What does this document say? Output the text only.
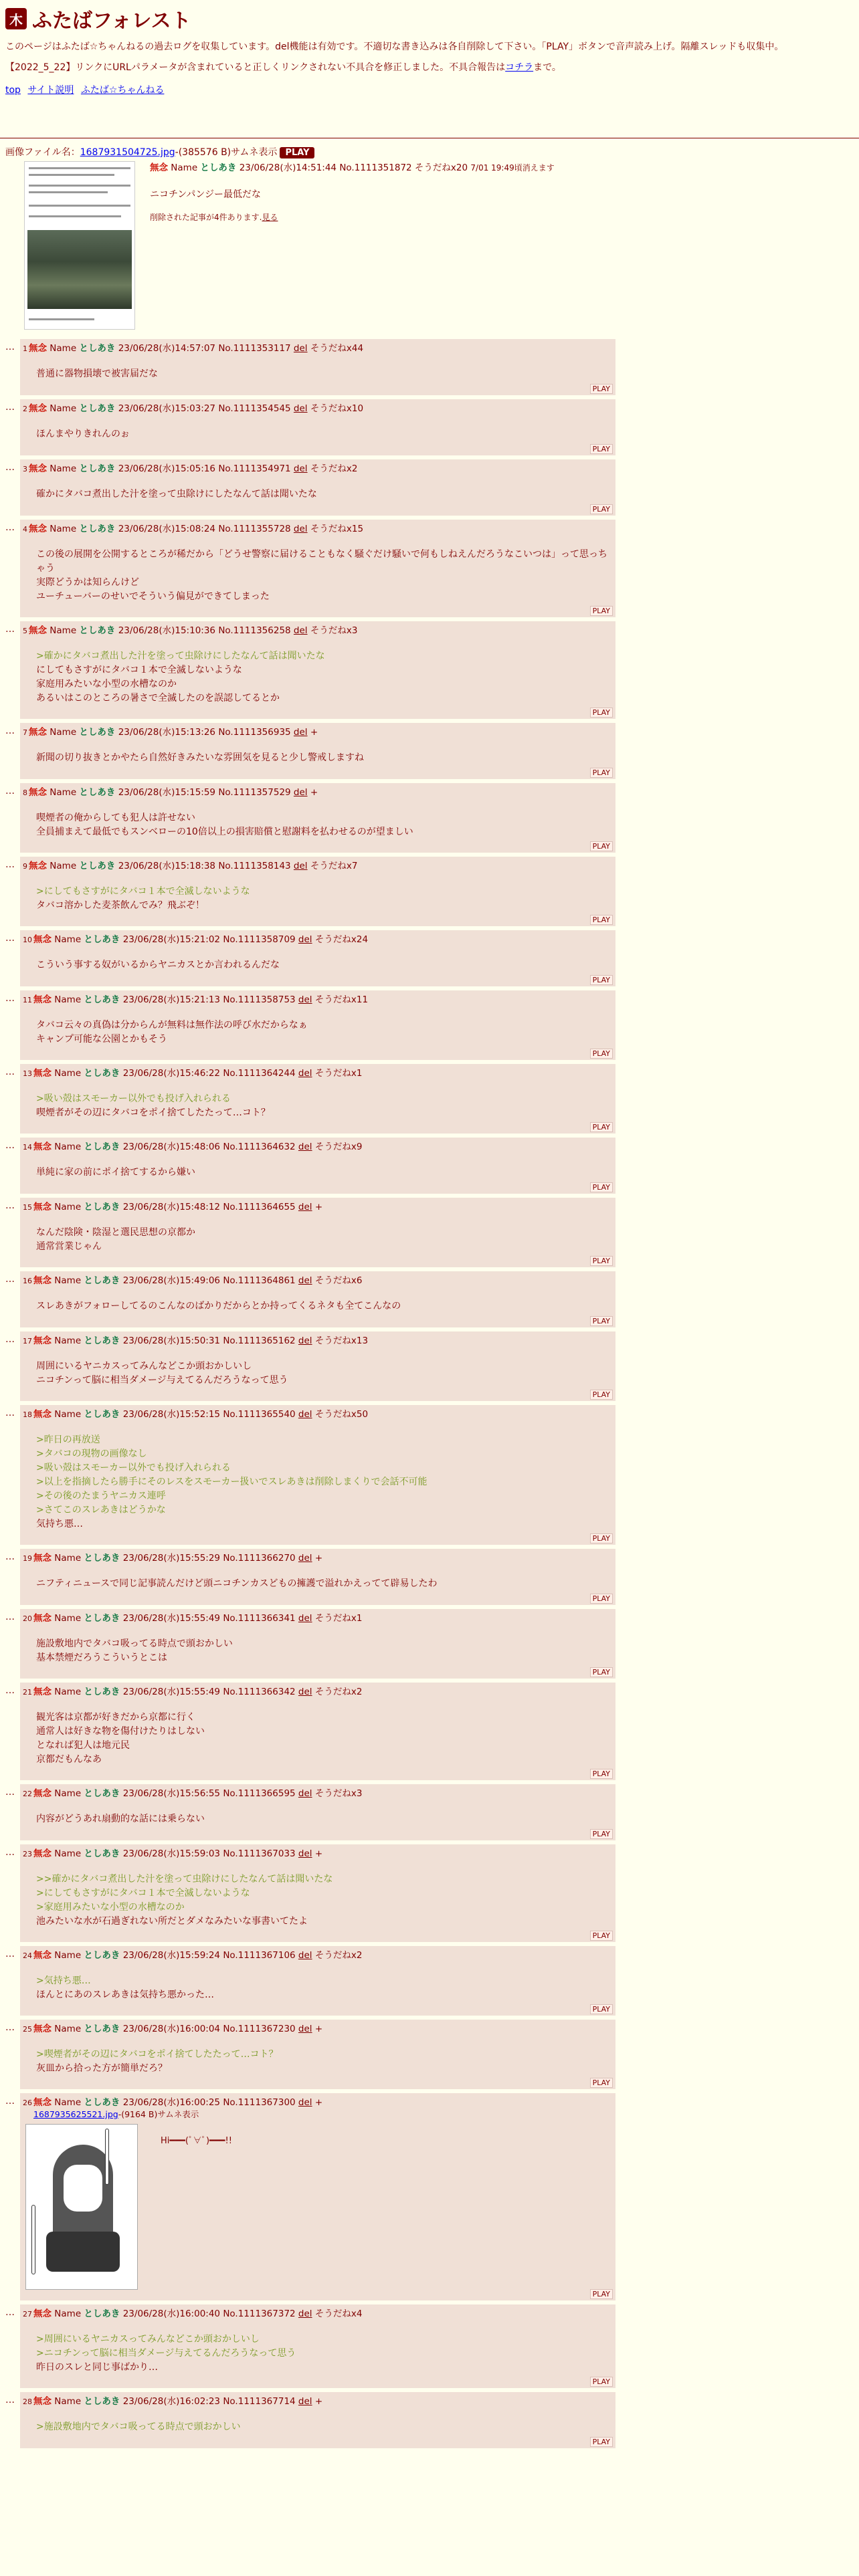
木 ふたばフォレスト

このページはふたば☆ちゃんねるの過去ログを収集しています。del機能は有効です。不適切な書き込みは各自削除して下さい。「PLAY」ボタンで音声読み上げ。隔離スレッドも収集中。

【2022_5_22】リンクにURLパラメータが含まれていると正しくリンクされない不具合を修正しました。不具合報告はコチラまで。

top サイト説明 ふたば☆ちゃんねる
画像ファイル名：1687931504725.jpg-(385576 B)サムネ表示 PLAY
無念 Name としあき 23/06/28(水)14:51:44 No.1111351872 そうだねx20 7/01 19:49頃消えます
ニコチンパンジー最低だな
削除された記事が4件あります.見る
… 1 無念 Name としあき 23/06/28(水)14:57:07 No.1111353117 del そうだねx44
普通に器物損壊で被害届だな
PLAY
… 2 無念 Name としあき 23/06/28(水)15:03:27 No.1111354545 del そうだねx10
ほんまやりきれんのぉ
PLAY
… 3 無念 Name としあき 23/06/28(水)15:05:16 No.1111354971 del そうだねx2
確かにタバコ煮出した汁を塗って虫除けにしたなんて話は聞いたな
PLAY
… 4 無念 Name としあき 23/06/28(水)15:08:24 No.1111355728 del そうだねx15
この後の展開を公開するところが稀だから「どうせ警察に届けることもなく騒ぐだけ騒いで何もしねえんだろうなこいつは」って思っちゃう
実際どうかは知らんけど
ユーチューバーのせいでそういう偏見ができてしまった
PLAY
… 5 無念 Name としあき 23/06/28(水)15:10:36 No.1111356258 del そうだねx3
>確かにタバコ煮出した汁を塗って虫除けにしたなんて話は聞いたな
にしてもさすがにタバコ１本で全滅しないような
家庭用みたいな小型の水槽なのか
あるいはこのところの暑さで全滅したのを誤認してるとか
PLAY
… 7 無念 Name としあき 23/06/28(水)15:13:26 No.1111356935 del +
新聞の切り抜きとかやたら自然好きみたいな雰囲気を見ると少し警戒しますね
PLAY
… 8 無念 Name としあき 23/06/28(水)15:15:59 No.1111357529 del +
喫煙者の俺からしても犯人は許せない
全員捕まえて最低でもスンベローの10倍以上の損害賠償と慰謝料を払わせるのが望ましい
PLAY
… 9 無念 Name としあき 23/06/28(水)15:18:38 No.1111358143 del そうだねx7
>にしてもさすがにタバコ１本で全滅しないような
タバコ溶かした麦茶飲んでみ？飛ぶぞ！
PLAY
… 10 無念 Name としあき 23/06/28(水)15:21:02 No.1111358709 del そうだねx24
こういう事する奴がいるからヤニカスとか言われるんだな
PLAY
… 11 無念 Name としあき 23/06/28(水)15:21:13 No.1111358753 del そうだねx11
タバコ云々の真偽は分からんが無料は無作法の呼び水だからなぁ
キャンプ可能な公園とかもそう
PLAY
… 13 無念 Name としあき 23/06/28(水)15:46:22 No.1111364244 del そうだねx1
>吸い殻はスモーカー以外でも投げ入れられる
喫煙者がその辺にタバコをポイ捨てしたたって…コト？
PLAY
… 14 無念 Name としあき 23/06/28(水)15:48:06 No.1111364632 del そうだねx9
単純に家の前にポイ捨てするから嫌い
PLAY
… 15 無念 Name としあき 23/06/28(水)15:48:12 No.1111364655 del +
なんだ陰険・陰湿と選民思想の京都か
通常営業じゃん
PLAY
… 16 無念 Name としあき 23/06/28(水)15:49:06 No.1111364861 del そうだねx6
スレあきがフォローしてるのこんなのばかりだからとか持ってくるネタも全てこんなの
PLAY
… 17 無念 Name としあき 23/06/28(水)15:50:31 No.1111365162 del そうだねx13
周囲にいるヤニカスってみんなどこか頭おかしいし
ニコチンって脳に相当ダメージ与えてるんだろうなって思う
PLAY
… 18 無念 Name としあき 23/06/28(水)15:52:15 No.1111365540 del そうだねx50
>昨日の再放送
>タバコの現物の画像なし
>吸い殻はスモーカー以外でも投げ入れられる
>以上を指摘したら勝手にそのレスをスモーカー扱いでスレあきは削除しまくりで会話不可能
>その後のたまうヤニカス連呼
>さてこのスレあきはどうかな
気持ち悪…
PLAY
… 19 無念 Name としあき 23/06/28(水)15:55:29 No.1111366270 del +
ニフティニュースで同じ記事読んだけど頭ニコチンカスどもの擁護で溢れかえってて辟易したわ
PLAY
… 20 無念 Name としあき 23/06/28(水)15:55:49 No.1111366341 del そうだねx1
施設敷地内でタバコ吸ってる時点で頭おかしい
基本禁煙だろうこういうとこは
PLAY
… 21 無念 Name としあき 23/06/28(水)15:55:49 No.1111366342 del そうだねx2
観光客は京都が好きだから京都に行く
通常人は好きな物を傷付けたりはしない
となれば犯人は地元民
京都だもんなあ
PLAY
… 22 無念 Name としあき 23/06/28(水)15:56:55 No.1111366595 del そうだねx3
内容がどうあれ扇動的な話には乗らない
PLAY
… 23 無念 Name としあき 23/06/28(水)15:59:03 No.1111367033 del +
>>確かにタバコ煮出した汁を塗って虫除けにしたなんて話は聞いたな
>にしてもさすがにタバコ１本で全滅しないような
>家庭用みたいな小型の水槽なのか
池みたいな水が石過ぎれない所だとダメなみたいな事書いてたよ
PLAY
… 24 無念 Name としあき 23/06/28(水)15:59:24 No.1111367106 del そうだねx2
>気持ち悪…
ほんとにあのスレあきは気持ち悪かった…
PLAY
… 25 無念 Name としあき 23/06/28(水)16:00:04 No.1111367230 del +
>喫煙者がその辺にタバコをポイ捨てしたたって…コト？
灰皿から拾った方が簡単だろ？
PLAY
… 26 無念 Name としあき 23/06/28(水)16:00:25 No.1111367300 del +
1687935625521.jpg-(9164 B)サムネ表示
Hi━━━(ﾟ∀ﾟ)━━━!!
PLAY
… 27 無念 Name としあき 23/06/28(水)16:00:40 No.1111367372 del そうだねx4
>周囲にいるヤニカスってみんなどこか頭おかしいし
>ニコチンって脳に相当ダメージ与えてるんだろうなって思う
昨日のスレと同じ事ばかり…
PLAY
… 28 無念 Name としあき 23/06/28(水)16:02:23 No.1111367714 del +
>施設敷地内でタバコ吸ってる時点で頭おかしい
PLAY
